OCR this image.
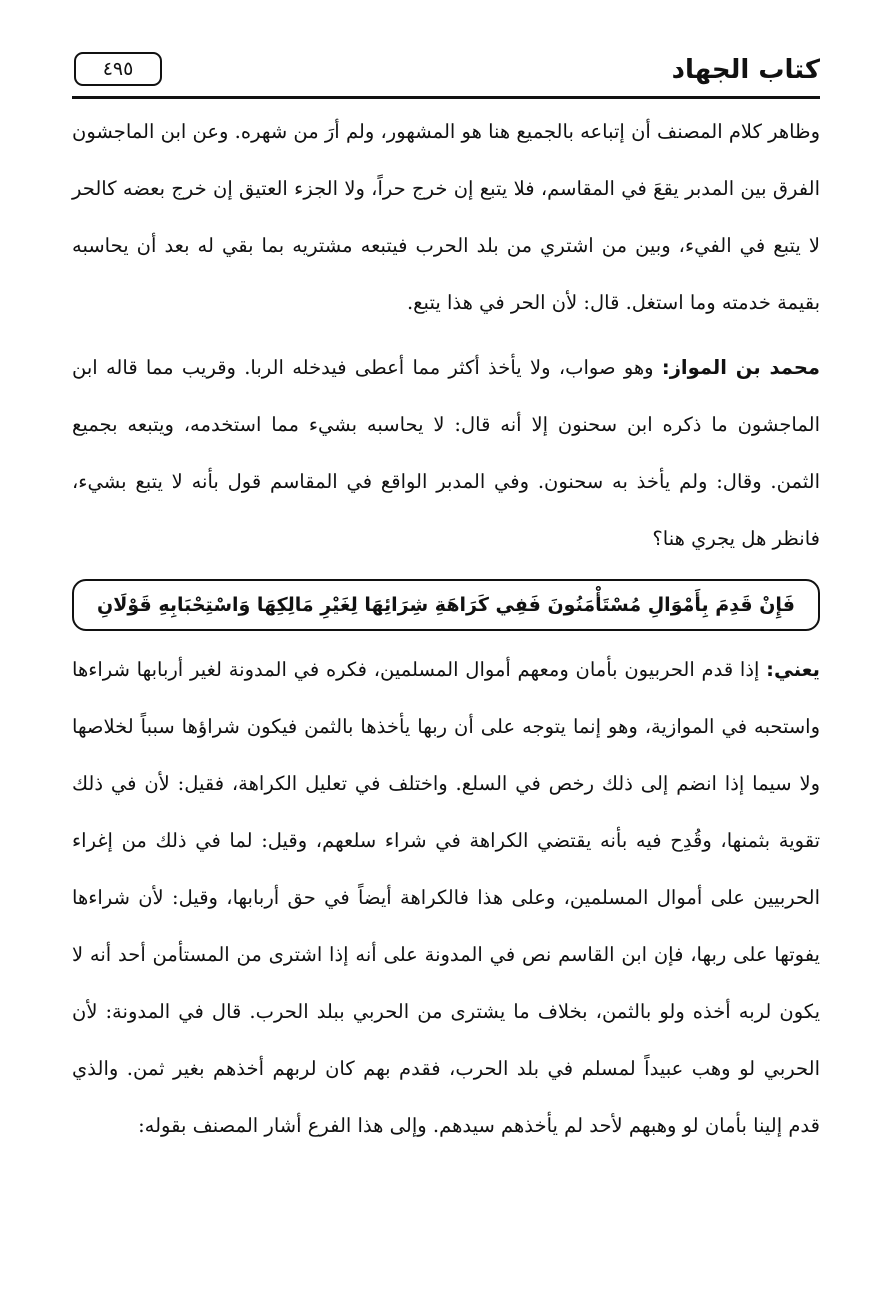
كتاب الجهاد
٤٩٥

وظاهر كلام المصنف أن إتباعه بالجميع هنا هو المشهور، ولم أرَ من شهره. وعن ابن الماجشون الفرق بين المدبر يقعَ في المقاسم، فلا يتبع إن خرج حراً، ولا الجزء العتيق إن خرج بعضه كالحر لا يتبع في الفيء، وبين من اشتري من بلد الحرب فيتبعه مشتريه بما بقي له بعد أن يحاسبه بقيمة خدمته وما استغل. قال: لأن الحر في هذا يتبع.

محمد بن المواز: وهو صواب، ولا يأخذ أكثر مما أعطى فيدخله الربا. وقريب مما قاله ابن الماجشون ما ذكره ابن سحنون إلا أنه قال: لا يحاسبه بشيء مما استخدمه، ويتبعه بجميع الثمن. وقال: ولم يأخذ به سحنون. وفي المدبر الواقع في المقاسم قول بأنه لا يتبع بشيء، فانظر هل يجري هنا؟

فَإِنْ قَدِمَ بِأَمْوَالِ مُسْتَأْمَنُونَ فَفِي كَرَاهَةِ شِرَائِهَا لِغَيْرِ مَالِكِهَا وَاسْتِحْبَابِهِ قَوْلَانِ

يعني: إذا قدم الحربيون بأمان ومعهم أموال المسلمين، فكره في المدونة لغير أربابها شراءها واستحبه في الموازية، وهو إنما يتوجه على أن ربها يأخذها بالثمن فيكون شراؤها سبباً لخلاصها ولا سيما إذا انضم إلى ذلك رخص في السلع. واختلف في تعليل الكراهة، فقيل: لأن في ذلك تقوية بثمنها، وقُدِح فيه بأنه يقتضي الكراهة في شراء سلعهم، وقيل: لما في ذلك من إغراء الحربيين على أموال المسلمين، وعلى هذا فالكراهة أيضاً في حق أربابها، وقيل: لأن شراءها يفوتها على ربها، فإن ابن القاسم نص في المدونة على أنه إذا اشترى من المستأمن أحد أنه لا يكون لربه أخذه ولو بالثمن، بخلاف ما يشترى من الحربي ببلد الحرب. قال في المدونة: لأن الحربي لو وهب عبيداً لمسلم في بلد الحرب، فقدم بهم كان لربهم أخذهم بغير ثمن. والذي قدم إلينا بأمان لو وهبهم لأحد لم يأخذهم سيدهم. وإلى هذا الفرع أشار المصنف بقوله:
